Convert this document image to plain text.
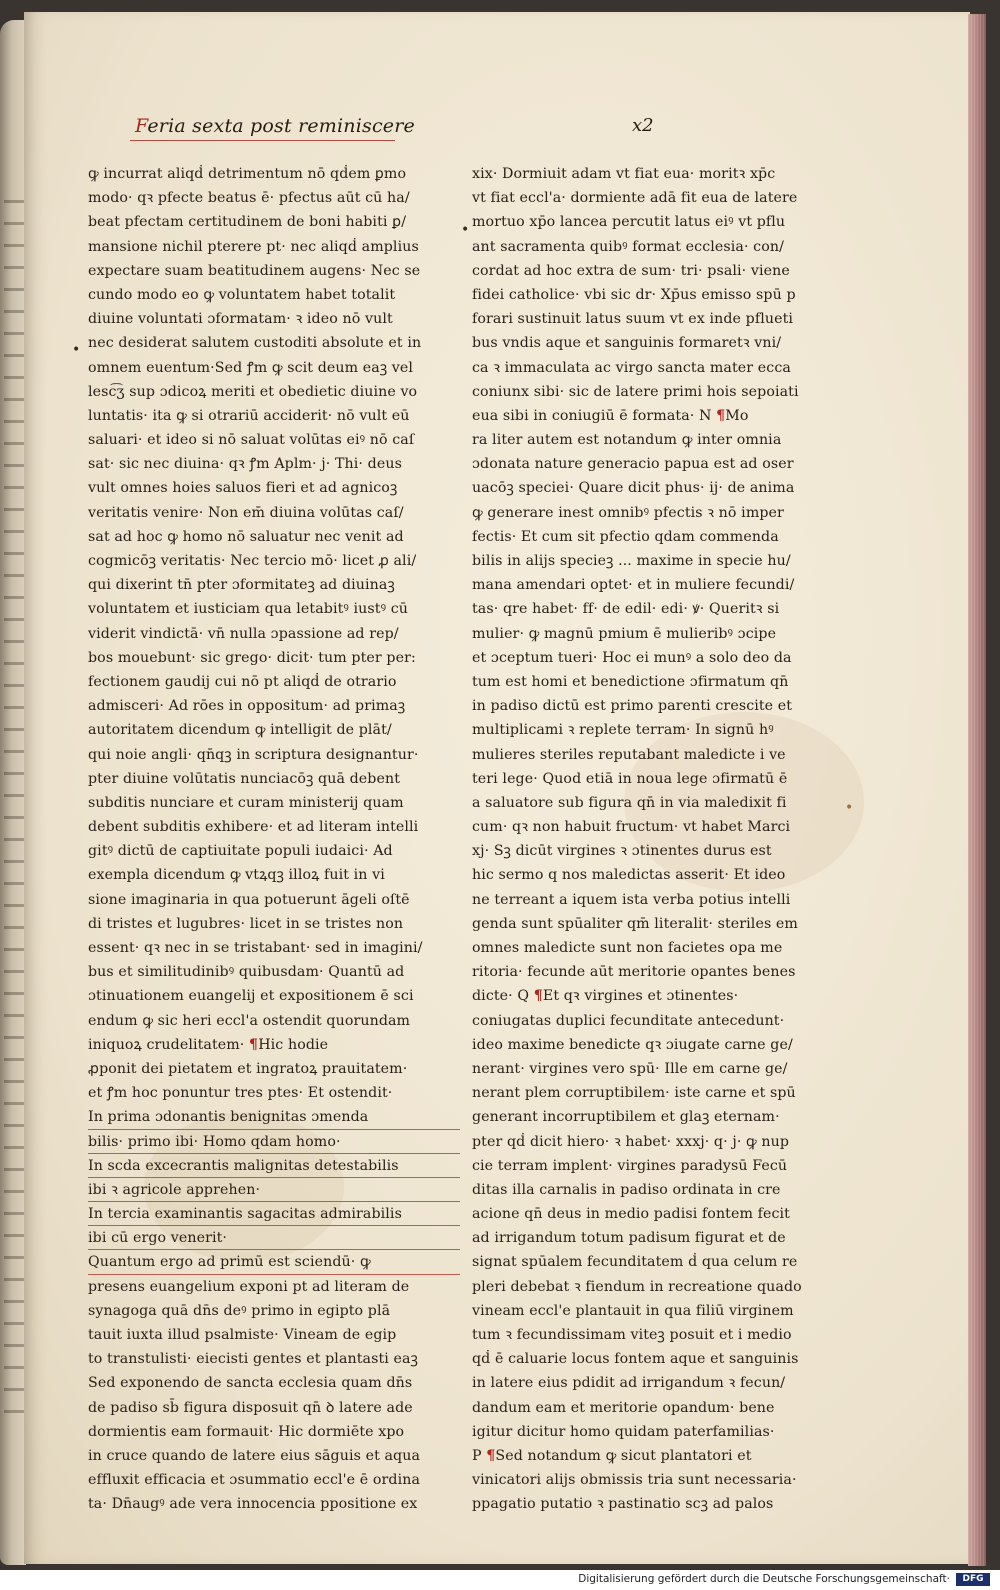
Feria sexta post reminiscere	x2
ꝙ incurrat aliqḋ detrimentum nō qḋem ꝑmo
modo· qꝛ pfecte beatus ē· pfectus aūt cū ha/
beat pfectam certitudinem de boni habiti ꝑ/
mansione nichil pterere pt· nec aliqḋ amplius
expectare suam beatitudinem augens· Nec se
cundo modo eo ꝙ voluntatem habet totalit
diuine voluntati ɔformatam· ꝛ ideo nō vult
nec desiderat salutem custoditi absolute et in
omnem euentum·Sed ꝭm ꝙ scit deum eaꝫ vel
lesc͡ʒ sup ɔdicoꝝ meriti et obedietic diuine vo
luntatis· ita ꝙ si otrariū acciderit· nō vult eū
saluari· et ideo si nō saluat volūtas eiꝰ nō caſ
sat· sic nec diuina· qꝛ ꝭm Aplm· j· Thi· deus
vult omnes hoies saluos fieri et ad agnicoꝫ
veritatis venire· Non em̄ diuina volūtas caſ/
sat ad hoc ꝙ homo nō saluatur nec venit ad
cogmicōꝫ veritatis· Nec tercio mō· licet ꝓ ali/
qui dixerint tn̄ pter ɔformitateꝫ ad diuinaꝫ
voluntatem et iusticiam qua letabitꝰ iustꝰ cū
viderit vindictā· vn̄ nulla ɔpassione ad rep/
bos mouebunt· sic grego· dicit· tum pter per:
fectionem gaudij cui nō pt aliqḋ de otrario
admisceri· Ad rōes in oppositum· ad primaꝫ
autoritatem dicendum ꝙ intelligit de plāt/
qui noie angli· qn̄qꝫ in scriptura designantur·
pter diuine volūtatis nunciacōꝫ quā debent
subditis nunciare et curam ministerij quam
debent subditis exhibere· et ad literam intelli
gitꝰ dictū de captiuitate populi iudaici· Ad
exempla dicendum ꝙ vtꝝqꝫ illoꝝ fuit in vi
sione imaginaria in qua potuerunt āgeli oſtē
di tristes et lugubres· licet in se tristes non
essent· qꝛ nec in se tristabant· sed in imagini/
bus et similitudinibꝰ quibusdam· Quantū ad
ɔtinuationem euangelij et expositionem ē sci
endum ꝙ sic heri eccl'a ostendit quorundam
iniquoꝝ crudelitatem· ¶Hic hodie
ꝓponit dei pietatem et ingratoꝝ prauitatem·
et ꝭm hoc ponuntur tres ptes· Et ostendit·
In prima ɔdonantis benignitas ɔmenda
bilis· primo ibi· Homo qdam homo·
In scda excecrantis malignitas detestabilis
ibi ꝛ agricole apprehen·
In tercia examinantis sagacitas admirabilis
ibi cū ergo venerit·
Quantum ergo ad primū est sciendū· ꝙ
presens euangelium exponi pt ad literam de
synagoga quā dn̄s deꝰ primo in egipto plā
tauit iuxta illud psalmiste· Vineam de egip
to transtulisti· eiecisti gentes et plantasti eaꝫ
Sed exponendo de sancta ecclesia quam dn̄s
de padiso sb̄ figura disposuit qn̄ ꝺ latere ade
dormientis eam formauit· Hic dormiēte xpo
in cruce quando de latere eius sāguis et aqua
effluxit efficacia et ɔsummatio eccl'e ē ordina
ta· Dn̄augꝰ ade vera innocencia ppositione ex
xix· Dormiuit adam vt fiat eua· moritꝛ xp̄c
vt fiat eccl'a· dormiente adā fit eua de latere
mortuo xp̄o lancea percutit latus eiꝰ vt pflu
ant sacramenta quibꝰ format ecclesia· con/
cordat ad hoc extra de sum· tri· psali· viene
fidei catholice· vbi sic dr· Xp̄us emisso spū p
forari sustinuit latus suum vt ex inde pflueti
bus vndis aque et sanguinis formaretꝛ vni/
ca ꝛ immaculata ac virgo sancta mater ecca
coniunx sibi· sic de latere primi hois sepoiati
eua sibi in coniugiū ē formata· N ¶Mo
ra liter autem est notandum ꝙ inter omnia
ɔdonata nature generacio papua est ad oser
uacōꝫ speciei· Quare dicit phus· ij· de anima
ꝙ generare inest omnibꝰ pfectis ꝛ nō imper
fectis· Et cum sit pfectio qdam commenda
bilis in alijs specieꝫ ... maxime in specie hu/
mana amendari optet· et in muliere fecundi/
tas· qre habet· ff· de edil· edi· ꝟ· Queritꝛ si
mulier· ꝙ magnū pmium ē mulieribꝰ ɔcipe
et ɔceptum tueri· Hoc ei munꝰ a solo deo da
tum est homi et benedictione ɔfirmatum qn̄
in padiso dictū est primo parenti crescite et
multiplicami ꝛ replete terram· In signū hꝰ
mulieres steriles reputabant maledicte i ve
teri lege· Quod etiā in noua lege ɔfirmatū ē
a saluatore sub figura qn̄ in via maledixit fi
cum· qꝛ non habuit fructum· vt habet Marci
xj· Sꝫ dicūt virgines ꝛ ɔtinentes durus est
hic sermo q nos maledictas asserit· Et ideo
ne terreant a iquem ista verba potius intelli
genda sunt spūaliter qm̄ literalit· steriles em
omnes maledicte sunt non facietes opa me
ritoria· fecunde aūt meritorie opantes benes
dicte· Q ¶Et qꝛ virgines et ɔtinentes·
coniugatas duplici fecunditate antecedunt·
ideo maxime benedicte qꝛ ɔiugate carne ge/
nerant· virgines vero spū· Ille em carne ge/
nerant plem corruptibilem· iste carne et spū
generant incorruptibilem et glaꝫ eternam·
pter qḋ dicit hiero· ꝛ habet· xxxj· q· j· ꝙ nup
cie terram implent· virgines paradysū Fecū
ditas illa carnalis in padiso ordinata in cre
acione qn̄ deus in medio padisi fontem fecit
ad irrigandum totum padisum figurat et de
signat spūalem fecunditatem ḋ qua celum re
pleri debebat ꝛ fiendum in recreatione quado
vineam eccl'e plantauit in qua filiū virginem
tum ꝛ fecundissimam viteꝫ posuit et i medio
qḋ ē caluarie locus fontem aque et sanguinis
in latere eius pdidit ad irrigandum ꝛ fecun/
dandum eam et meritorie opandum· bene
igitur dicitur homo quidam paterfamilias·
P ¶Sed notandum ꝙ sicut plantatori et
vinicatori alijs obmissis tria sunt necessaria·
ppagatio putatio ꝛ pastinatio scꝫ ad palos
•
•
•
Digitalisierung gefördert durch die Deutsche Forschungsgemeinschaft·	DFG
